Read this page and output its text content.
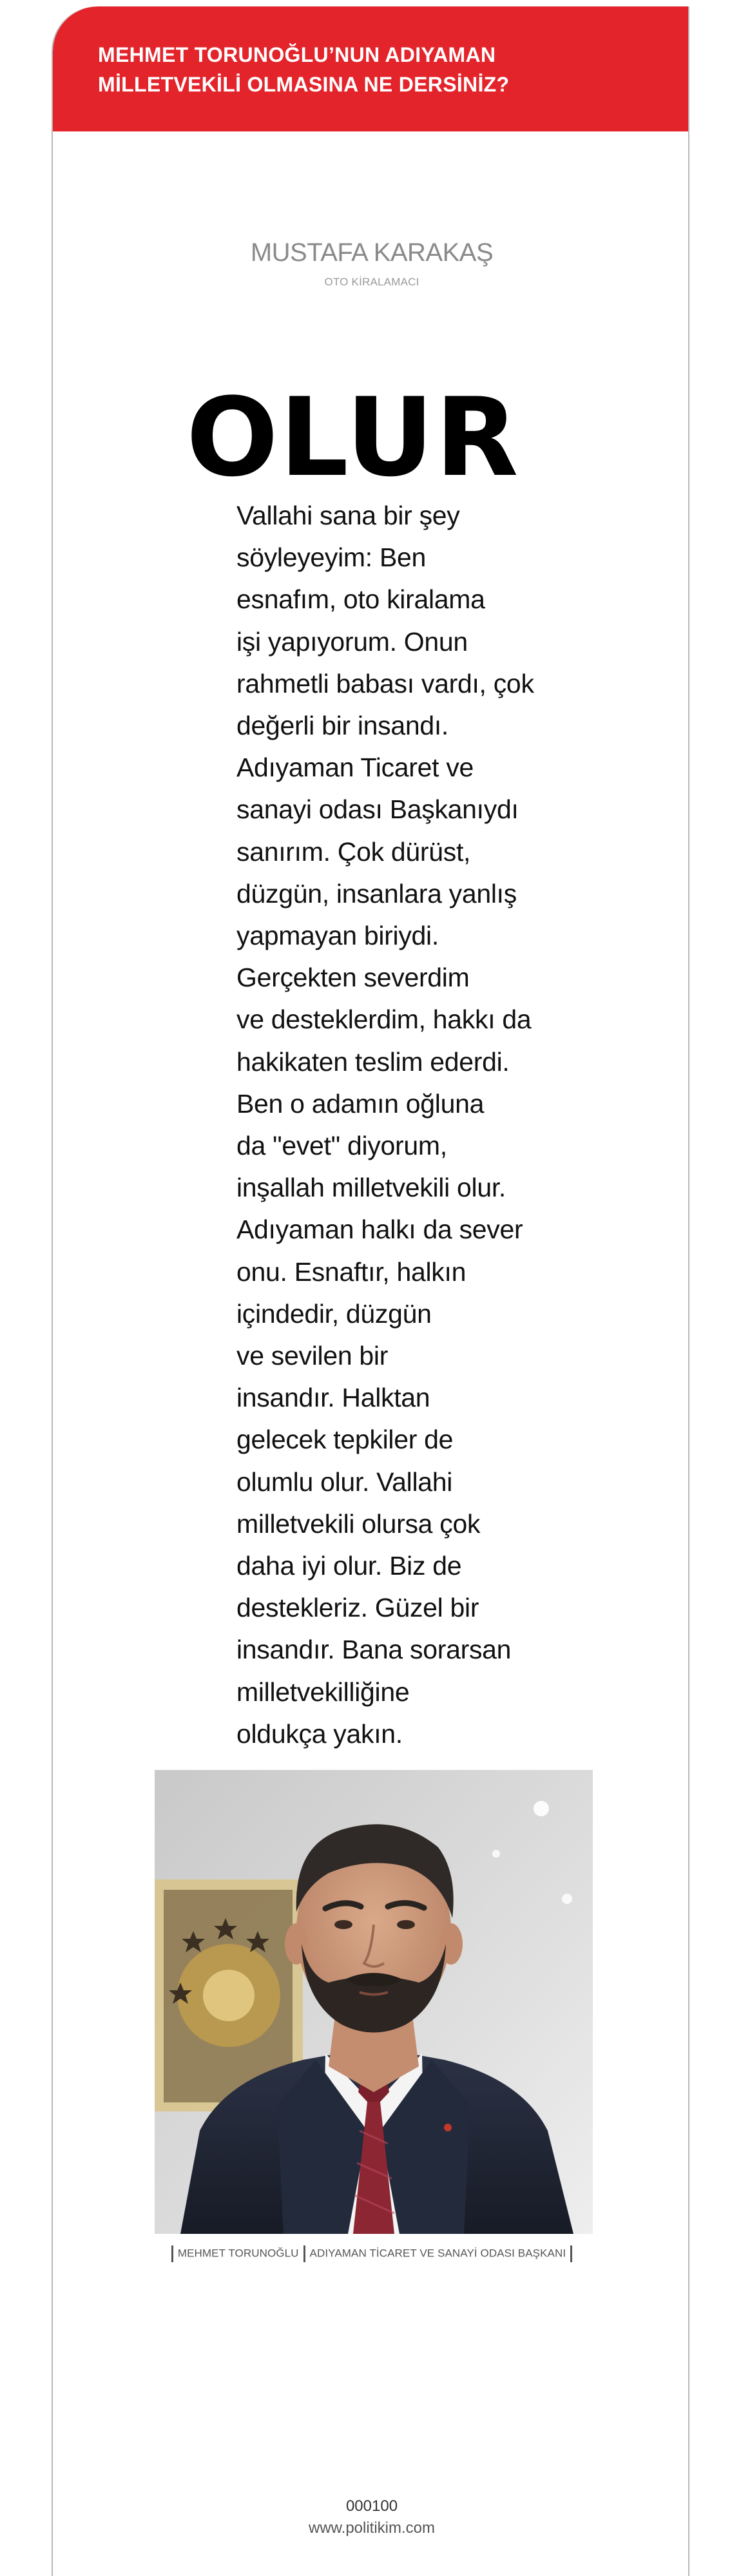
MEHMET TORUNOĞLU’NUN ADIYAMAN
MİLLETVEKİLİ OLMASINA NE DERSİNİZ?
MUSTAFA KARAKAŞ
OTO KİRALAMACI
OLUR
Vallahi sana bir şey
söyleyeyim: Ben
esnafım, oto kiralama
işi yapıyorum. Onun
rahmetli babası vardı, çok
değerli bir insandı.
Adıyaman Ticaret ve
sanayi odası Başkanıydı
sanırım. Çok dürüst,
düzgün, insanlara yanlış
yapmayan biriydi.
Gerçekten severdim
ve desteklerdim, hakkı da
hakikaten teslim ederdi.
Ben o adamın oğluna
da "evet" diyorum,
inşallah milletvekili olur.
Adıyaman halkı da sever
onu. Esnaftır, halkın
içindedir, düzgün
ve sevilen bir
insandır. Halktan
gelecek tepkiler de
olumlu olur. Vallahi
milletvekili olursa çok
daha iyi olur. Biz de
destekleriz. Güzel bir
insandır. Bana sorarsan
milletvekilliğine
oldukça yakın.
MEHMET TORUNOĞLU ADIYAMAN TİCARET VE SANAYİ ODASI BAŞKANI
000100
www.politikim.com
